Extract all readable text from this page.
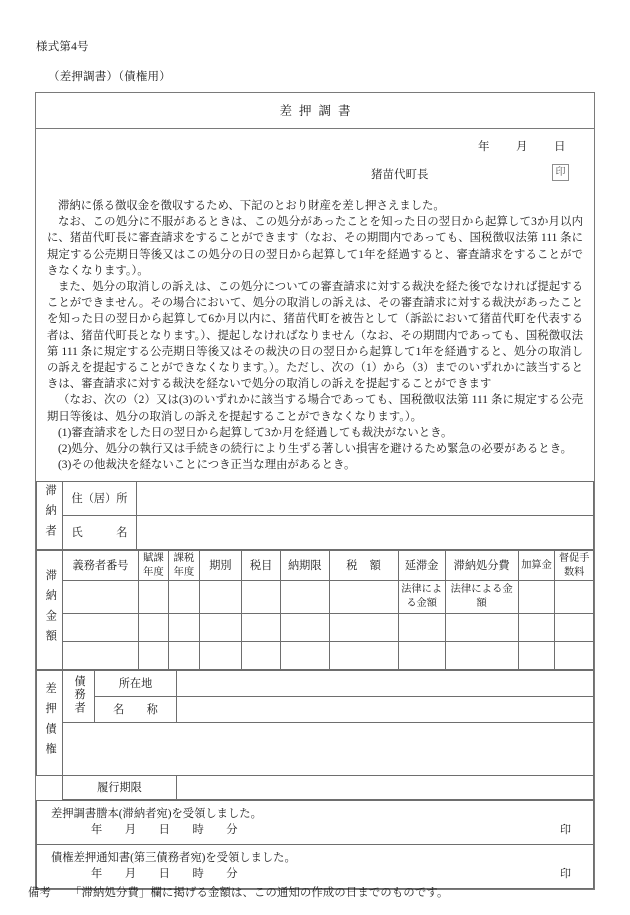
様式第4号
（差押調書）（債権用）
差押調書
年 月 日
猪苗代町長	印

滞納に係る徴収金を徴収するため、下記のとおり財産を差し押さえました。

なお、この処分に不服があるときは、この処分があったことを知った日の翌日から起算して3か月以内に、猪苗代町長に審査請求をすることができます（なお、その期間内であっても、国税徴収法第 111 条に規定する公売期日等後又はこの処分の日の翌日から起算して1年を経過すると、審査請求をすることができなくなります。）。

また、処分の取消しの訴えは、この処分についての審査請求に対する裁決を経た後でなければ提起することができません。その場合において、処分の取消しの訴えは、その審査請求に対する裁決があったことを知った日の翌日から起算して6か月以内に、猪苗代町を被告として（訴訟において猪苗代町を代表する者は、猪苗代町長となります。）、提起しなければなりません（なお、その期間内であっても、国税徴収法第 111 条に規定する公売期日等後又はその裁決の日の翌日から起算して1年を経過すると、処分の取消しの訴えを提起することができなくなります。）。ただし、次の（1）から（3）までのいずれかに該当するときは、審査請求に対する裁決を経ないで処分の取消しの訴えを提起することができます

（なお、次の（2）又は(3)のいずれかに該当する場合であっても、国税徴収法第 111 条に規定する公売期日等後は、処分の取消しの訴えを提起することができなくなります。）。

(1)審査請求をした日の翌日から起算して3か月を経過しても裁決がないとき。

(2)処分、処分の執行又は手続きの続行により生ずる著しい損害を避けるため緊急の必要があるとき。

(3)その他裁決を経ないことにつき正当な理由があるとき。

滞納者	住（居）所	
	氏　　　名	
滞納金額	義務者番号	賦課年度	課税年度	期別	税目	納期限	税　額	延滞金	滞納処分費	加算金	督促手数料
								法律による金額	法律による金額		

差押債権	債務者	所在地	
		名　　称	

	履行期限		
差押調書謄本(滞納者宛)を受領しました。
年 月 日 時 分	印

債権差押通知書(第三債務者宛)を受領しました。
年 月 日 時 分	印
備考 「滞納処分費」欄に掲げる金額は、この通知の作成の日までのものです。
